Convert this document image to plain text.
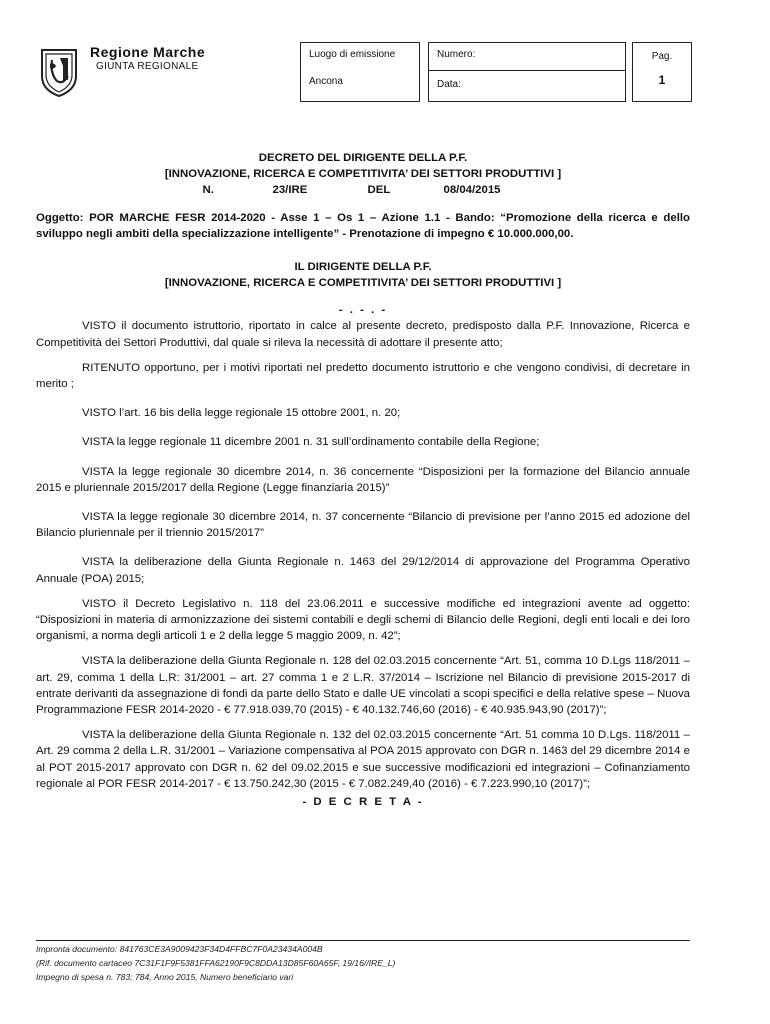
Regione Marche
GIUNTA REGIONALE
Luogo di emissione
Ancona
Numero:
Data:
Pag.
1
DECRETO DEL DIRIGENTE DELLA P.F.
[INNOVAZIONE, RICERCA E COMPETITIVITA’ DEI SETTORI PRODUTTIVI ]
N.	23/IRE	DEL	08/04/2015
Oggetto: POR MARCHE FESR 2014-2020 - Asse 1 – Os 1 – Azione 1.1 - Bando: “Promozione della ricerca e dello sviluppo negli ambiti della specializzazione intelligente” - Prenotazione di impegno € 10.000.000,00.
IL DIRIGENTE DELLA P.F.
[INNOVAZIONE, RICERCA E COMPETITIVITA’ DEI SETTORI PRODUTTIVI ]
- . - . -

VISTO il documento istruttorio, riportato in calce al presente decreto, predisposto dalla P.F. Innovazione, Ricerca e Competitività dei Settori Produttivi, dal quale si rileva la necessità di adottare il presente atto;

RITENUTO opportuno, per i motivi riportati nel predetto documento istruttorio e che vengono condivisi, di decretare in merito ;

VISTO l’art. 16 bis della legge regionale 15 ottobre 2001, n. 20;

VISTA la legge regionale 11 dicembre 2001 n. 31 sull’ordinamento contabile della Regione;

VISTA la legge regionale 30 dicembre 2014, n. 36 concernente “Disposizioni per la formazione del Bilancio annuale 2015 e pluriennale 2015/2017 della Regione (Legge finanziaria 2015)”

VISTA la legge regionale 30 dicembre 2014, n. 37 concernente “Bilancio di previsione per l’anno 2015 ed adozione del Bilancio pluriennale per il triennio 2015/2017”

VISTA la deliberazione della Giunta Regionale n. 1463 del 29/12/2014 di approvazione del Programma Operativo Annuale (POA) 2015;

VISTO il Decreto Legislativo n. 118 del 23.06.2011 e successive modifiche ed integrazioni avente ad oggetto: “Disposizioni in materia di armonizzazione dei sistemi contabili e degli schemi di Bilancio delle Regioni, degli enti locali e dei loro organismi, a norma degli articoli 1 e 2 della legge 5 maggio 2009, n. 42”;

VISTA la deliberazione della Giunta Regionale n. 128 del 02.03.2015 concernente “Art. 51, comma 10 D.Lgs 118/2011 – art. 29, comma 1 della L.R: 31/2001 – art. 27 comma 1 e 2 L.R. 37/2014 – Iscrizione nel Bilancio di previsione 2015-2017 di entrate derivanti da assegnazione di fondi da parte dello Stato e dalle UE vincolati a scopi specifici e della relative spese – Nuova Programmazione FESR 2014-2020 - € 77.918.039,70 (2015) - € 40.132.746,60 (2016) - € 40.935.943,90 (2017)”;

VISTA la deliberazione della Giunta Regionale n. 132 del 02.03.2015 concernente “Art. 51 comma 10 D.Lgs. 118/2011 – Art. 29 comma 2 della L.R. 31/2001 – Variazione compensativa al POA 2015 approvato con DGR n. 1463 del 29 dicembre 2014 e al POT 2015-2017 approvato con DGR n. 62 del 09.02.2015 e sue successive modificazioni ed integrazioni – Cofinanziamento regionale al POR FESR 2014-2017 - € 13.750.242,30 (2015 - € 7.082.249,40 (2016) - € 7.223.990,10 (2017)”;

- D E C R E T A -
Impronta documento: 841763CE3A9009423F34D4FFBC7F0A23434A004B
(Rif. documento cartaceo 7C31F1F9F5381FFA62190F9C8DDA13D85F60A65F, 19/16//IRE_L)
Impegno di spesa n. 783; 784, Anno 2015, Numero beneficiario vari
